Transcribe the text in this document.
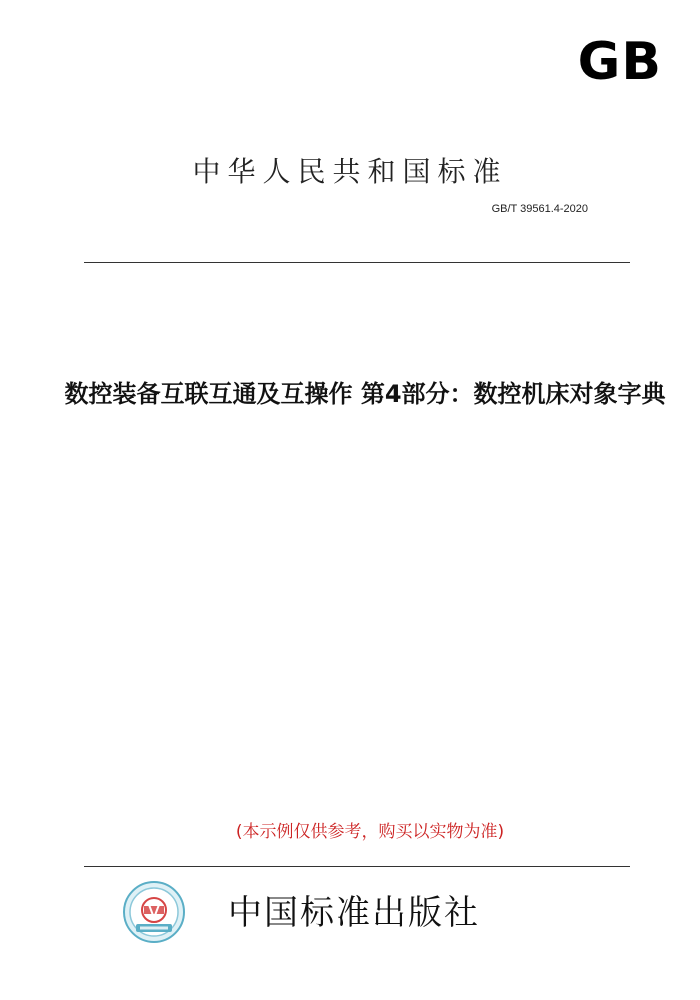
GB
中华人民共和国标准
GB/T 39561.4-2020
数控装备互联互通及互操作 第4部分：数控机床对象字典
(本示例仅供参考，购买以实物为准)
中国标准出版社
